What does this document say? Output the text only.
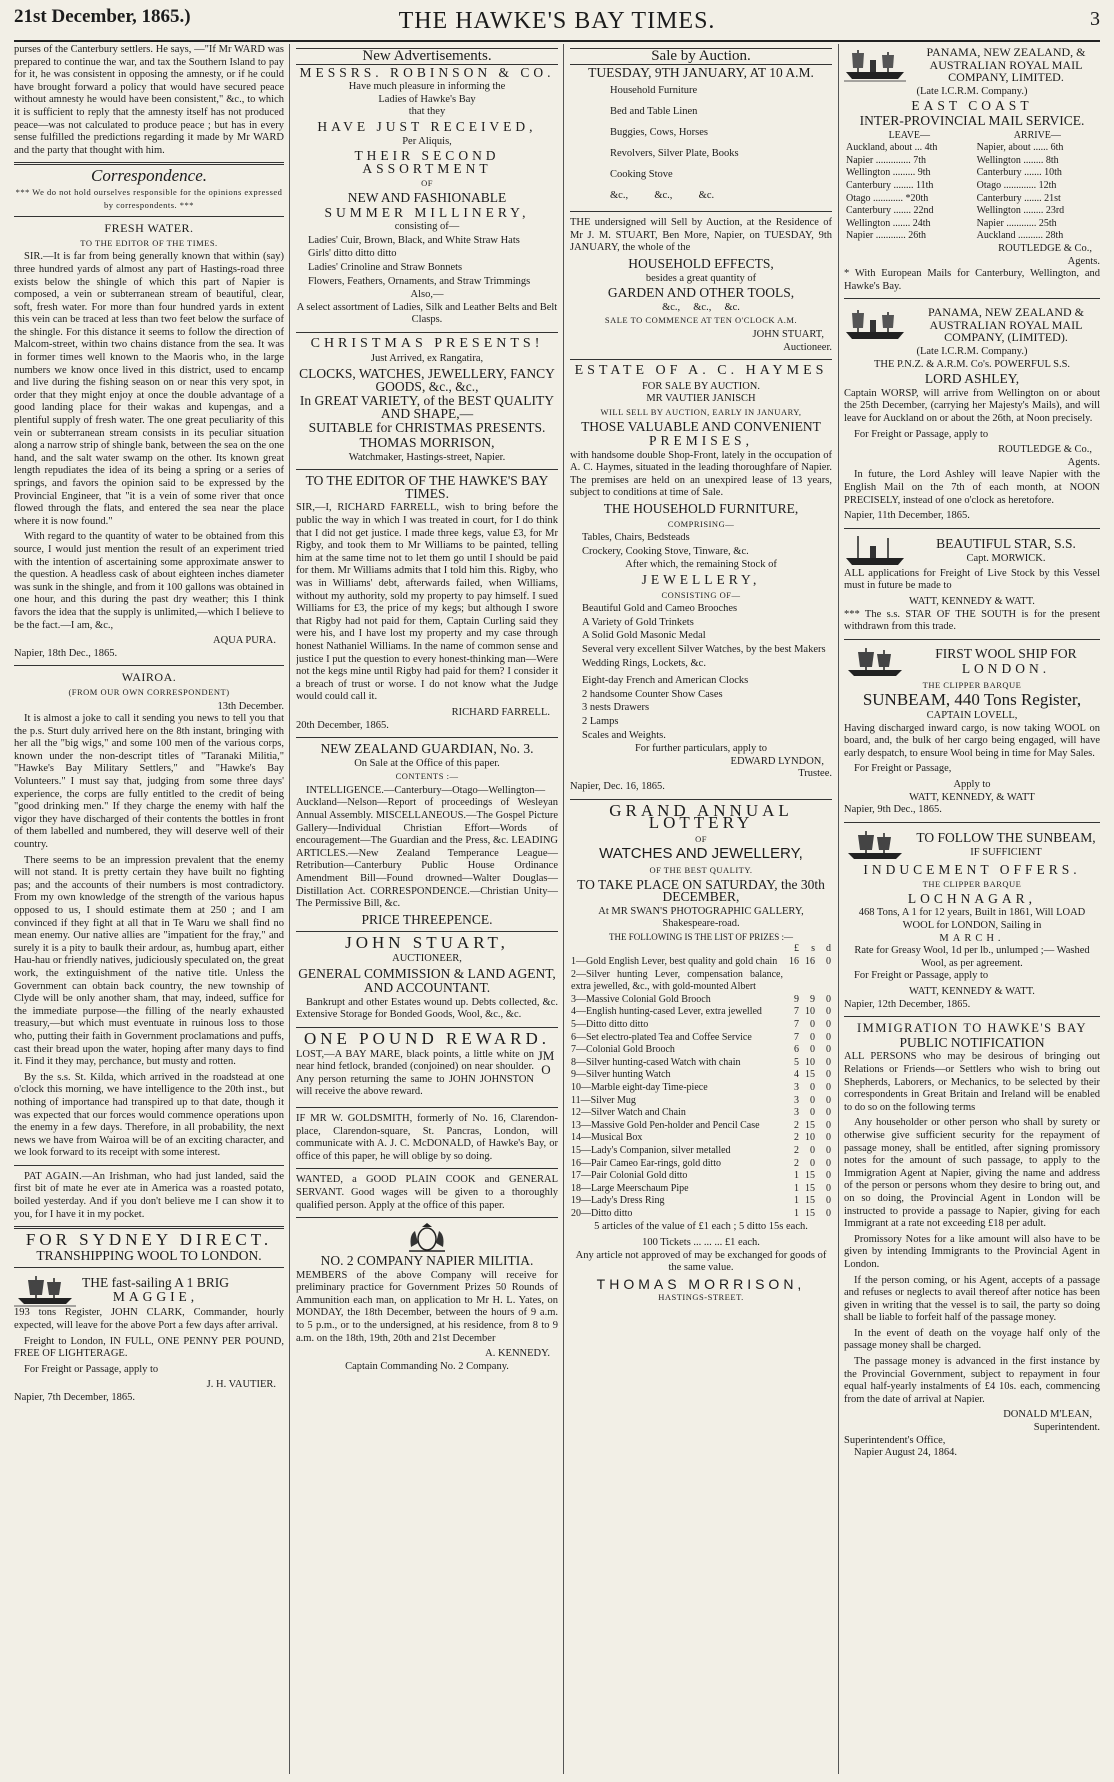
21st December, 1865.)	THE HAWKE'S BAY TIMES.	3

purses of the Canterbury settlers. He says, —"If Mr WARD was prepared to continue the war, and tax the Southern Island to pay for it, he was consistent in opposing the amnesty, or if he could have brought forward a policy that would have secured peace without amnesty he would have been consistent," &c., to which it is sufficient to reply that the amnesty itself has not produced peace—was not calculated to produce peace ; but has in every sense fulfilled the predictions regarding it made by Mr WARD and the party that thought with him.

Correspondence.
*** We do not hold ourselves responsible for the opinions expressed by correspondents. ***
FRESH WATER.
TO THE EDITOR OF THE TIMES.

SIR.—It is far from being generally known that within (say) three hundred yards of almost any part of Hastings-road three exists below the shingle of which this part of Napier is composed, a vein or subterranean stream of beautiful, clear, soft, fresh water. For more than four hundred yards in extent this vein can be traced at less than two feet below the surface of the shingle. For this distance it seems to follow the direction of Malcom-street, within two chains distance from the sea. It was in former times well known to the Maoris who, in the large numbers we know once lived in this district, used to encamp and live during the fishing season on or near this very spot, in order that they might enjoy at once the double advantage of a good landing place for their wakas and kupengas, and a plentiful supply of fresh water. The one great peculiarity of this vein or subterranean stream consists in its peculiar situation along a narrow strip of shingle bank, between the sea on the one hand, and the salt water swamp on the other. Its known great length repudiates the idea of its being a spring or a series of springs, and favors the opinion said to be expressed by the Provincial Engineer, that "it is a vein of some river that once flowed through the flats, and entered the sea near the place where it is now found."

With regard to the quantity of water to be obtained from this source, I would just mention the result of an experiment tried with the intention of ascertaining some approximate answer to the question. A headless cask of about eighteen inches diameter was sunk in the shingle, and from it 100 gallons was obtained in one hour, and this during the past dry weather; this I think favors the idea that the supply is unlimited,—which I believe to be the fact.—I am, &c.,

AQUA PURA.
Napier, 18th Dec., 1865.
WAIROA.
(FROM OUR OWN CORRESPONDENT)
13th December.

It is almost a joke to call it sending you news to tell you that the p.s. Sturt duly arrived here on the 8th instant, bringing with her all the "big wigs," and some 100 men of the various corps, known under the non-descript titles of "Taranaki Militia," "Hawke's Bay Military Settlers," and "Hawke's Bay Volunteers." I must say that, judging from some three days' experience, the corps are fully entitled to the credit of being "good drinking men." If they charge the enemy with half the vigor they have discharged of their contents the bottles in front of them labelled and numbered, they will deserve well of their country.

There seems to be an impression prevalent that the enemy will not stand. It is pretty certain they have built no fighting pas; and the accounts of their numbers is most contradictory. From my own knowledge of the strength of the various hapus opposed to us, I should estimate them at 250 ; and I am convinced if they fight at all that in Te Waru we shall find no mean enemy. Our native allies are "impatient for the fray," and surely it is a pity to baulk their ardour, as, humbug apart, either Hau-hau or friendly natives, judiciously speculated on, the great work, the extinguishment of the native title. Unless the Government can obtain back country, the new township of Clyde will be only another sham, that may, indeed, suffice for the immediate purpose—the filling of the nearly exhausted treasury,—but which must eventuate in ruinous loss to those who, putting their faith in Government proclamations and puffs, cast their bread upon the water, hoping after many days to find it. Find it they may, perchance, but musty and rotten.

By the s.s. St. Kilda, which arrived in the roadstead at one o'clock this morning, we have intelligence to the 20th inst., but nothing of importance had transpired up to that date, though it was expected that our forces would commence operations upon the enemy in a few days. Therefore, in all probability, the next news we have from Wairoa will be of an exciting character, and we look forward to its receipt with some interest.

PAT AGAIN.—An Irishman, who had just landed, said the first bit of mate he ever ate in America was a roasted potato, boiled yesterday. And if you don't believe me I can show it to you, for I have it in my pocket.

FOR SYDNEY DIRECT.
TRANSHIPPING WOOL TO LONDON.
THE fast-sailing A 1 BRIG
MAGGIE,

193 tons Register, JOHN CLARK, Commander, hourly expected, will leave for the above Port a few days after arrival.

Freight to London, IN FULL, ONE PENNY PER POUND, FREE OF LIGHTERAGE.

For Freight or Passage, apply to

J. H. VAUTIER.
Napier, 7th December, 1865.
New Advertisements.
MESSRS. ROBINSON & CO.
Have much pleasure in informing the
Ladies of Hawke's Bay
that they
HAVE JUST RECEIVED,
Per Aliquis,
THEIR SECOND ASSORTMENT
OF
NEW AND FASHIONABLE
SUMMER MILLINERY,
consisting of—
Ladies' Cuir, Brown, Black, and White Straw Hats
Girls' ditto ditto ditto
Ladies' Crinoline and Straw Bonnets
Flowers, Feathers, Ornaments, and Straw Trimmings
Also,—
A select assortment of Ladies, Silk and Leather Belts and Belt Clasps.
CHRISTMAS PRESENTS!
Just Arrived, ex Rangatira,
CLOCKS, WATCHES, JEWELLERY, FANCY GOODS, &c., &c.,
In GREAT VARIETY, of the BEST QUALITY AND SHAPE,—
SUITABLE for CHRISTMAS PRESENTS.
THOMAS MORRISON,
Watchmaker, Hastings-street, Napier.
TO THE EDITOR OF THE HAWKE'S BAY TIMES.

SIR,—I, RICHARD FARRELL, wish to bring before the public the way in which I was treated in court, for I do think that I did not get justice. I made three kegs, value £3, for Mr Rigby, and took them to Mr Williams to be painted, telling him at the same time not to let them go until I should be paid for them. Mr Williams admits that I told him this. Rigby, who was in Williams' debt, afterwards failed, when Williams, without my authority, sold my property to pay himself. I sued Williams for £3, the price of my kegs; but although I swore that Rigby had not paid for them, Captain Curling said they were his, and I have lost my property and my case through honest Nathaniel Williams. In the name of common sense and justice I put the question to every honest-thinking man—Were not the kegs mine until Rigby had paid for them? I consider it a breach of trust or worse. I do not know what the Judge would could call it.

RICHARD FARRELL.
20th December, 1865.
NEW ZEALAND GUARDIAN, No. 3.
On Sale at the Office of this paper.
CONTENTS :—

INTELLIGENCE.—Canterbury—Otago—Wellington—Auckland—Nelson—Report of proceedings of Wesleyan Annual Assembly. MISCELLANEOUS.—The Gospel Picture Gallery—Individual Christian Effort—Words of encouragement—The Guardian and the Press, &c. LEADING ARTICLES.—New Zealand Temperance League—Retribution—Canterbury Public House Ordinance Amendment Bill—Found drowned—Walter Douglas—Distillation Act. CORRESPONDENCE.—Christian Unity—The Permissive Bill, &c.

PRICE THREEPENCE.
JOHN STUART,
AUCTIONEER,
GENERAL COMMISSION & LAND AGENT,
AND ACCOUNTANT.

Bankrupt and other Estates wound up. Debts collected, &c. Extensive Storage for Bonded Goods, Wool, &c., &c.

ONE POUND REWARD.

LOST,—A BAY MARE, black points, a little white on near hind fetlock, branded (conjoined) on near shoulder. Any person returning the same to JOHN JOHNSTON will receive the above reward.

JM O

IF MR W. GOLDSMITH, formerly of No. 16, Clarendon-place, Clarendon-square, St. Pancras, London, will communicate with A. J. C. McDONALD, of Hawke's Bay, or office of this paper, he will oblige by so doing.

WANTED, a GOOD PLAIN COOK and GENERAL SERVANT. Good wages will be given to a thoroughly qualified person. Apply at the office of this paper.

NO. 2 COMPANY NAPIER MILITIA.

MEMBERS of the above Company will receive for preliminary practice for Government Prizes 50 Rounds of Ammunition each man, on application to Mr H. L. Yates, on MONDAY, the 18th December, between the hours of 9 a.m. to 5 p.m., or to the undersigned, at his residence, from 8 to 9 a.m. on the 18th, 19th, 20th and 21st December

A. KENNEDY.
Captain Commanding No. 2 Company.
Sale by Auction.
TUESDAY, 9TH JANUARY, AT 10 A.M.
Household Furniture
Bed and Table Linen
Buggies, Cows, Horses
Revolvers, Silver Plate, Books
Cooking Stove
&c.,          &c.,          &c.

THE undersigned will Sell by Auction, at the Residence of Mr J. M. STUART, Ben More, Napier, on TUESDAY, 9th JANUARY, the whole of the

HOUSEHOLD EFFECTS,
besides a great quantity of
GARDEN AND OTHER TOOLS,
&c.,     &c.,     &c.
SALE TO COMMENCE AT TEN O'CLOCK A.M.
JOHN STUART,
Auctioneer.
ESTATE OF A. C. HAYMES
FOR SALE BY AUCTION.
MR VAUTIER JANISCH
WILL SELL BY AUCTION, EARLY IN JANUARY,
THOSE VALUABLE AND CONVENIENT
PREMISES,

with handsome double Shop-Front, lately in the occupation of A. C. Haymes, situated in the leading thoroughfare of Napier. The premises are held on an unexpired lease of 13 years, subject to conditions at time of Sale.

THE HOUSEHOLD FURNITURE,
COMPRISING—
Tables, Chairs, Bedsteads
Crockery, Cooking Stove, Tinware, &c.
After which, the remaining Stock of
JEWELLERY,
CONSISTING OF—
Beautiful Gold and Cameo Brooches
A Variety of Gold Trinkets
A Solid Gold Masonic Medal
Several very excellent Silver Watches, by the best Makers
Wedding Rings, Lockets, &c.
Eight-day French and American Clocks
2 handsome Counter Show Cases
3 nests Drawers
2 Lamps
Scales and Weights.
For further particulars, apply to
EDWARD LYNDON,
Trustee.
Napier, Dec. 16, 1865.
GRAND ANNUAL LOTTERY
OF
WATCHES AND JEWELLERY,
OF THE BEST QUALITY.
TO TAKE PLACE ON SATURDAY, the 30th DECEMBER,
At MR SWAN'S PHOTOGRAPHIC GALLERY, Shakespeare-road.
THE FOLLOWING IS THE LIST OF PRIZES :—
	£	s	d
1—Gold English Lever, best quality and gold chain	16	16	0
2—Silver hunting Lever, compensation balance, extra jewelled, &c., with gold-mounted Albert			
3—Massive Colonial Gold Brooch	9	9	0
4—English hunting-cased Lever, extra jewelled	7	10	0
5—Ditto ditto ditto	7	0	0
6—Set electro-plated Tea and Coffee Service	7	0	0
7—Colonial Gold Brooch	6	0	0
8—Silver hunting-cased Watch with chain	5	10	0
9—Silver hunting Watch	4	15	0
10—Marble eight-day Time-piece	3	0	0
11—Silver Mug	3	0	0
12—Silver Watch and Chain	3	0	0
13—Massive Gold Pen-holder and Pencil Case	2	15	0
14—Musical Box	2	10	0
15—Lady's Companion, silver metalled	2	0	0
16—Pair Cameo Ear-rings, gold ditto	2	0	0
17—Pair Colonial Gold ditto	1	15	0
18—Large Meerschaum Pipe	1	15	0
19—Lady's Dress Ring	1	15	0
20—Ditto ditto	1	15	0
5 articles of the value of £1 each ; 5 ditto 15s each.
100 Tickets ... ... ... £1 each.
Any article not approved of may be exchanged for goods of the same value.
THOMAS MORRISON,
HASTINGS-STREET.
PANAMA, NEW ZEALAND, & AUSTRALIAN ROYAL MAIL COMPANY, LIMITED.
(Late I.C.R.M. Company.)
EAST COAST
INTER-PROVINCIAL MAIL SERVICE.
LEAVE—	ARRIVE—
Auckland, about ... 4th	Napier, about ...... 6th
Napier .............. 7th	Wellington ........ 8th
Wellington ......... 9th	Canterbury ....... 10th
Canterbury ........ 11th	Otago ............. 12th
Otago ............ *20th	Canterbury ....... 21st
Canterbury ....... 22nd	Wellington ........ 23rd
Wellington ....... 24th	Napier ............ 25th
Napier ............ 26th	Auckland .......... 28th
ROUTLEDGE & Co.,
Agents.

* With European Mails for Canterbury, Wellington, and Hawke's Bay.

PANAMA, NEW ZEALAND & AUSTRALIAN ROYAL MAIL COMPANY, (LIMITED).
(Late I.C.R.M. Company.)
THE P.N.Z. & A.R.M. Co's. POWERFUL S.S.
LORD ASHLEY,

Captain WORSP, will arrive from Wellington on or about the 25th December, (carrying her Majesty's Mails), and will leave for Auckland on or about the 26th, at Noon precisely.

For Freight or Passage, apply to

ROUTLEDGE & Co.,
Agents.

In future, the Lord Ashley will leave Napier with the English Mail on the 7th of each month, at NOON PRECISELY, instead of one o'clock as heretofore.

Napier, 11th December, 1865.
BEAUTIFUL STAR, S.S.
Capt. MORWICK.

ALL applications for Freight of Live Stock by this Vessel must in future be made to

WATT, KENNEDY & WATT.

*** The s.s. STAR OF THE SOUTH is for the present withdrawn from this trade.

FIRST WOOL SHIP FOR
LONDON.
THE CLIPPER BARQUE
SUNBEAM, 440 Tons Register,
CAPTAIN LOVELL,

Having discharged inward cargo, is now taking WOOL on board, and, the bulk of her cargo being engaged, will have early despatch, to ensure Wool being in time for May Sales.

For Freight or Passage,

Apply to
WATT, KENNEDY, & WATT
Napier, 9th Dec., 1865.
TO FOLLOW THE SUNBEAM,
IF SUFFICIENT
INDUCEMENT OFFERS.
THE CLIPPER BARQUE
LOCHNAGAR,
468 Tons, A 1 for 12 years, Built in 1861, Will LOAD WOOL for LONDON, Sailing in
MARCH.
Rate for Greasy Wool, 1d per lb., unlumped ;— Washed Wool, as per agreement.

For Freight or Passage, apply to

WATT, KENNEDY & WATT.
Napier, 12th December, 1865.
IMMIGRATION TO HAWKE'S BAY
PUBLIC NOTIFICATION

ALL PERSONS who may be desirous of bringing out Relations or Friends—or Settlers who wish to bring out Shepherds, Laborers, or Mechanics, to be selected by their correspondents in Great Britain and Ireland will be enabled to do so on the following terms

Any householder or other person who shall by surety or otherwise give sufficient security for the repayment of passage money, shall be entitled, after signing promissory notes for the amount of such passage, to apply to the Immigration Agent at Napier, giving the name and address of the person or persons whom they desire to bring out, and on so doing, the Provincial Agent in London will be instructed to provide a passage to Napier, giving for each Immigrant at a rate not exceeding £18 per adult.

Promissory Notes for a like amount will also have to be given by intending Immigrants to the Provincial Agent in London.

If the person coming, or his Agent, accepts of a passage and refuses or neglects to avail thereof after notice has been given in writing that the vessel is to sail, the party so doing shall be liable to forfeit half of the passage money.

In the event of death on the voyage half only of the passage money shall be charged.

The passage money is advanced in the first instance by the Provincial Government, subject to repayment in four equal half-yearly instalments of £4 10s. each, commencing from the date of arrival at Napier.

DONALD M'LEAN,
Superintendent.
Superintendent's Office,
Napier August 24, 1864.
